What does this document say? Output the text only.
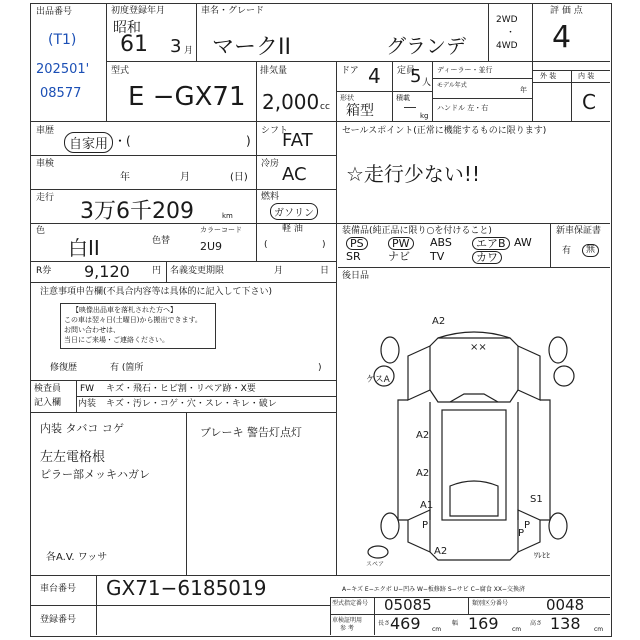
出品番号
(T1)
202501'
08577
初度登録年月
昭和
61 3 月
車名・グレード
マークII	グランデ
2WD
・
4WD
評 価 点
4
型式
E −GX71
排気量
2,000 cc
ドア 4 定員
5 人
形状
箱型
積載
―
kg
ディーラー・並行
モデル年式
年
ハンドル 左・右
外 装	内 装
C
車歴
自家用 ・(	)
シフト
FAT
冷房 AC
燃料
ガソリン
軽 油
(	)
車検
年	月	(日)
走行
3万6千209	km
色
白II	色替
カラーコード
2U9
R券 9,120 円 名義変更期限	月	日
セールスポイント(正常に機能するものに限ります)
☆走行少ない!!
装備品(純正品に限り○を付けること)
PS	PW	ABS	エアB AW
SR ナビ TV	カワ
新車保証書
有	無
後日品
注意事項申告欄(不具合内容等は具体的に記入して下さい)
【映像出品車を落札された方へ】
この車は翌々日(土曜日)から搬出できます。
お問い合わせは、
当日にご来場・ご連絡ください。
修復歴	有 (箇所	)
検査員
記入欄
FW キズ・飛石・ヒビ割・リペア跡・X要
内装 キズ・汚レ・コゲ・穴・スレ・キレ・破レ
内装 タバコ コゲ
左左電格根
ピラー部メッキハガレ
各A.V. ワッサ
ブレーキ 警告灯点灯
A2
××
ケスA
A2
A2
A1
P
S1
P
A2
P
ﾜﾚﾋﾋ
スペア
A−キズ E−エクボ U−凹み W−板修跡 S−サビ C−腐食 XX−交換済
車台番号 GX71−6185019
登録番号
型式指定番号 05085	類別区分番号	0048
車検証明用
参 考
長さ 469 cm
幅 169 cm
高さ 138 cm
